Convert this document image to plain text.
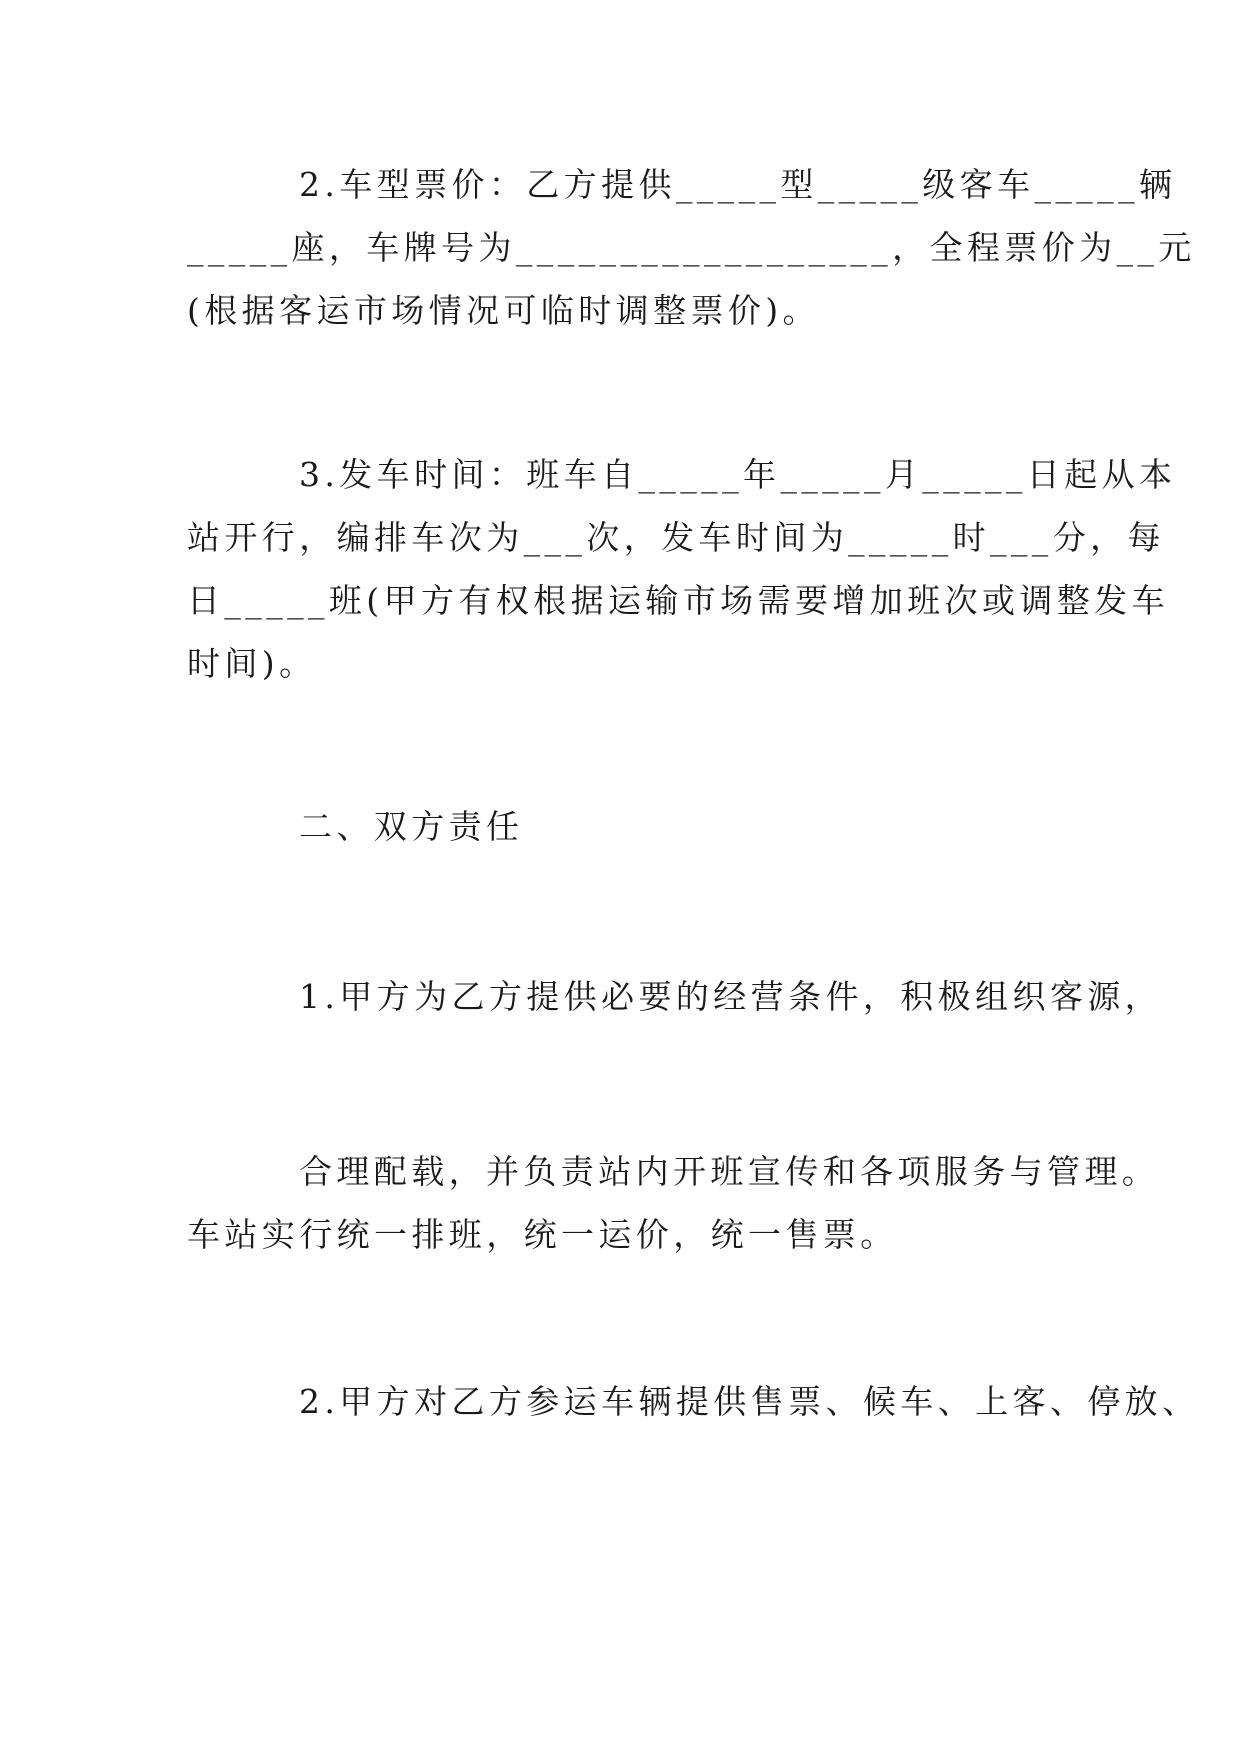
2.车型票价：乙方提供_____型_____级客车_____辆
_____座，车牌号为__________________，全程票价为__元
(根据客运市场情况可临时调整票价)。
3.发车时间：班车自_____年_____月_____日起从本
站开行，编排车次为___次，发车时间为_____时___分，每
日_____班(甲方有权根据运输市场需要增加班次或调整发车
时间)。
二、双方责任
1.甲方为乙方提供必要的经营条件，积极组织客源，
合理配载，并负责站内开班宣传和各项服务与管理。
车站实行统一排班，统一运价，统一售票。
2.甲方对乙方参运车辆提供售票、候车、上客、停放、
